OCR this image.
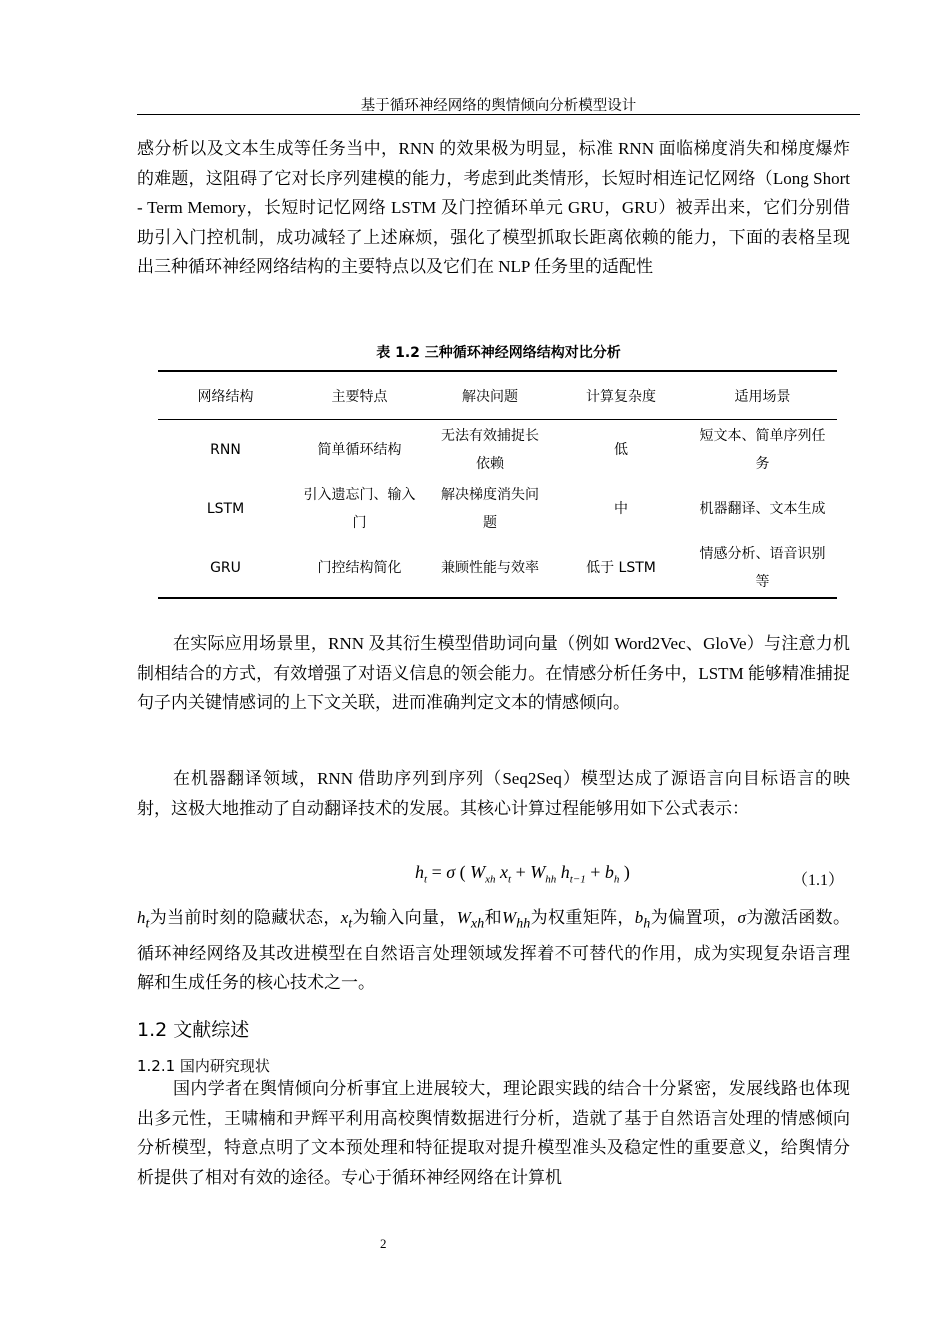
基于循环神经网络的舆情倾向分析模型设计

感分析以及文本生成等任务当中，RNN 的效果极为明显，标准 RNN 面临梯度消失和梯度爆炸的难题，这阻碍了它对长序列建模的能力，考虑到此类情形，长短时相连记忆网络（Long Short - Term Memory，长短时记忆网络 LSTM 及门控循环单元 GRU，GRU）被弄出来，它们分别借助引入门控机制，成功减轻了上述麻烦，强化了模型抓取长距离依赖的能力，下面的表格呈现出三种循环神经网络结构的主要特点以及它们在 NLP 任务里的适配性

表 1.2 三种循环神经网络结构对比分析
网络结构	主要特点	解决问题	计算复杂度	适用场景
RNN	简单循环结构	无法有效捕捉长依赖	低	短文本、简单序列任务
LSTM	引入遗忘门、输入门	解决梯度消失问题	中	机器翻译、文本生成
GRU	门控结构简化	兼顾性能与效率	低于 LSTM	情感分析、语音识别等

在实际应用场景里，RNN 及其衍生模型借助词向量（例如 Word2Vec、GloVe）与注意力机制相结合的方式，有效增强了对语义信息的领会能力。在情感分析任务中，LSTM 能够精准捕捉句子内关键情感词的上下文关联，进而准确判定文本的情感倾向。

在机器翻译领域，RNN 借助序列到序列（Seq2Seq）模型达成了源语言向目标语言的映射，这极大地推动了自动翻译技术的发展。其核心计算过程能够用如下公式表示：

$h_t = \sigma$ ( $W_{xh}$ $x_t + W_{hh}$ $h_{t-1} + b_h$ )	（1.1）

$h_t$为当前时刻的隐藏状态，$x_t$为输入向量，$W_{xh}$和$W_{hh}$为权重矩阵，$b_h$为偏置项，σ为激活函数。循环神经网络及其改进模型在自然语言处理领域发挥着不可替代的作用，成为实现复杂语言理解和生成任务的核心技术之一。

1.2 文献综述
1.2.1 国内研究现状

国内学者在舆情倾向分析事宜上进展较大，理论跟实践的结合十分紧密，发展线路也体现出多元性，王啸楠和尹辉平利用高校舆情数据进行分析，造就了基于自然语言处理的情感倾向分析模型，特意点明了文本预处理和特征提取对提升模型准头及稳定性的重要意义，给舆情分析提供了相对有效的途径。专心于循环神经网络在计算机

2
